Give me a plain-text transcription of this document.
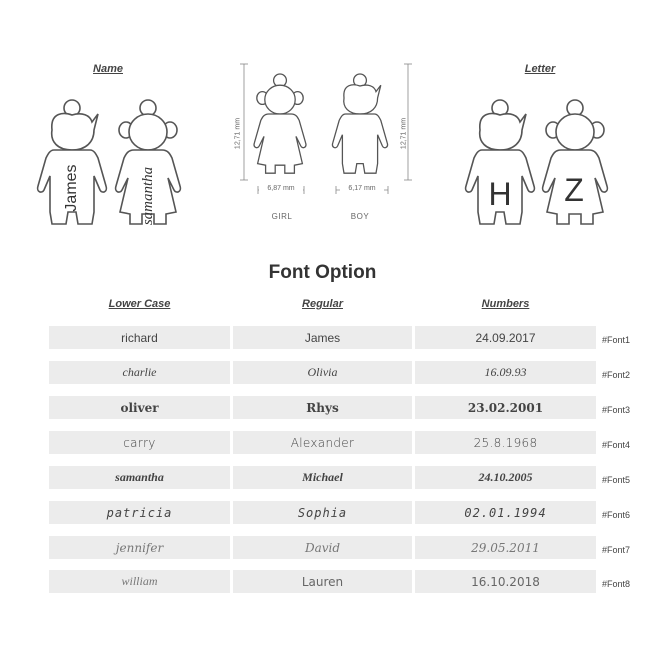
Name	Letter
James	samantha
12,71 mm	12,71 mm
6,87 mm	6,17 mm
GIRL	BOY
H Z
Font Option
Lower Case	Regular	Numbers
richard	James	24.09.2017	#Font1
charlie	Olivia	16.09.93	#Font2
oliver	Rhys	23.02.2001	#Font3
carry	Alexander	25.8.1968	#Font4
samantha	Michael	24.10.2005	#Font5
patricia	Sophia	02.01.1994	#Font6
jennifer	David	29.05.2011	#Font7
william	Lauren	16.10.2018	#Font8
